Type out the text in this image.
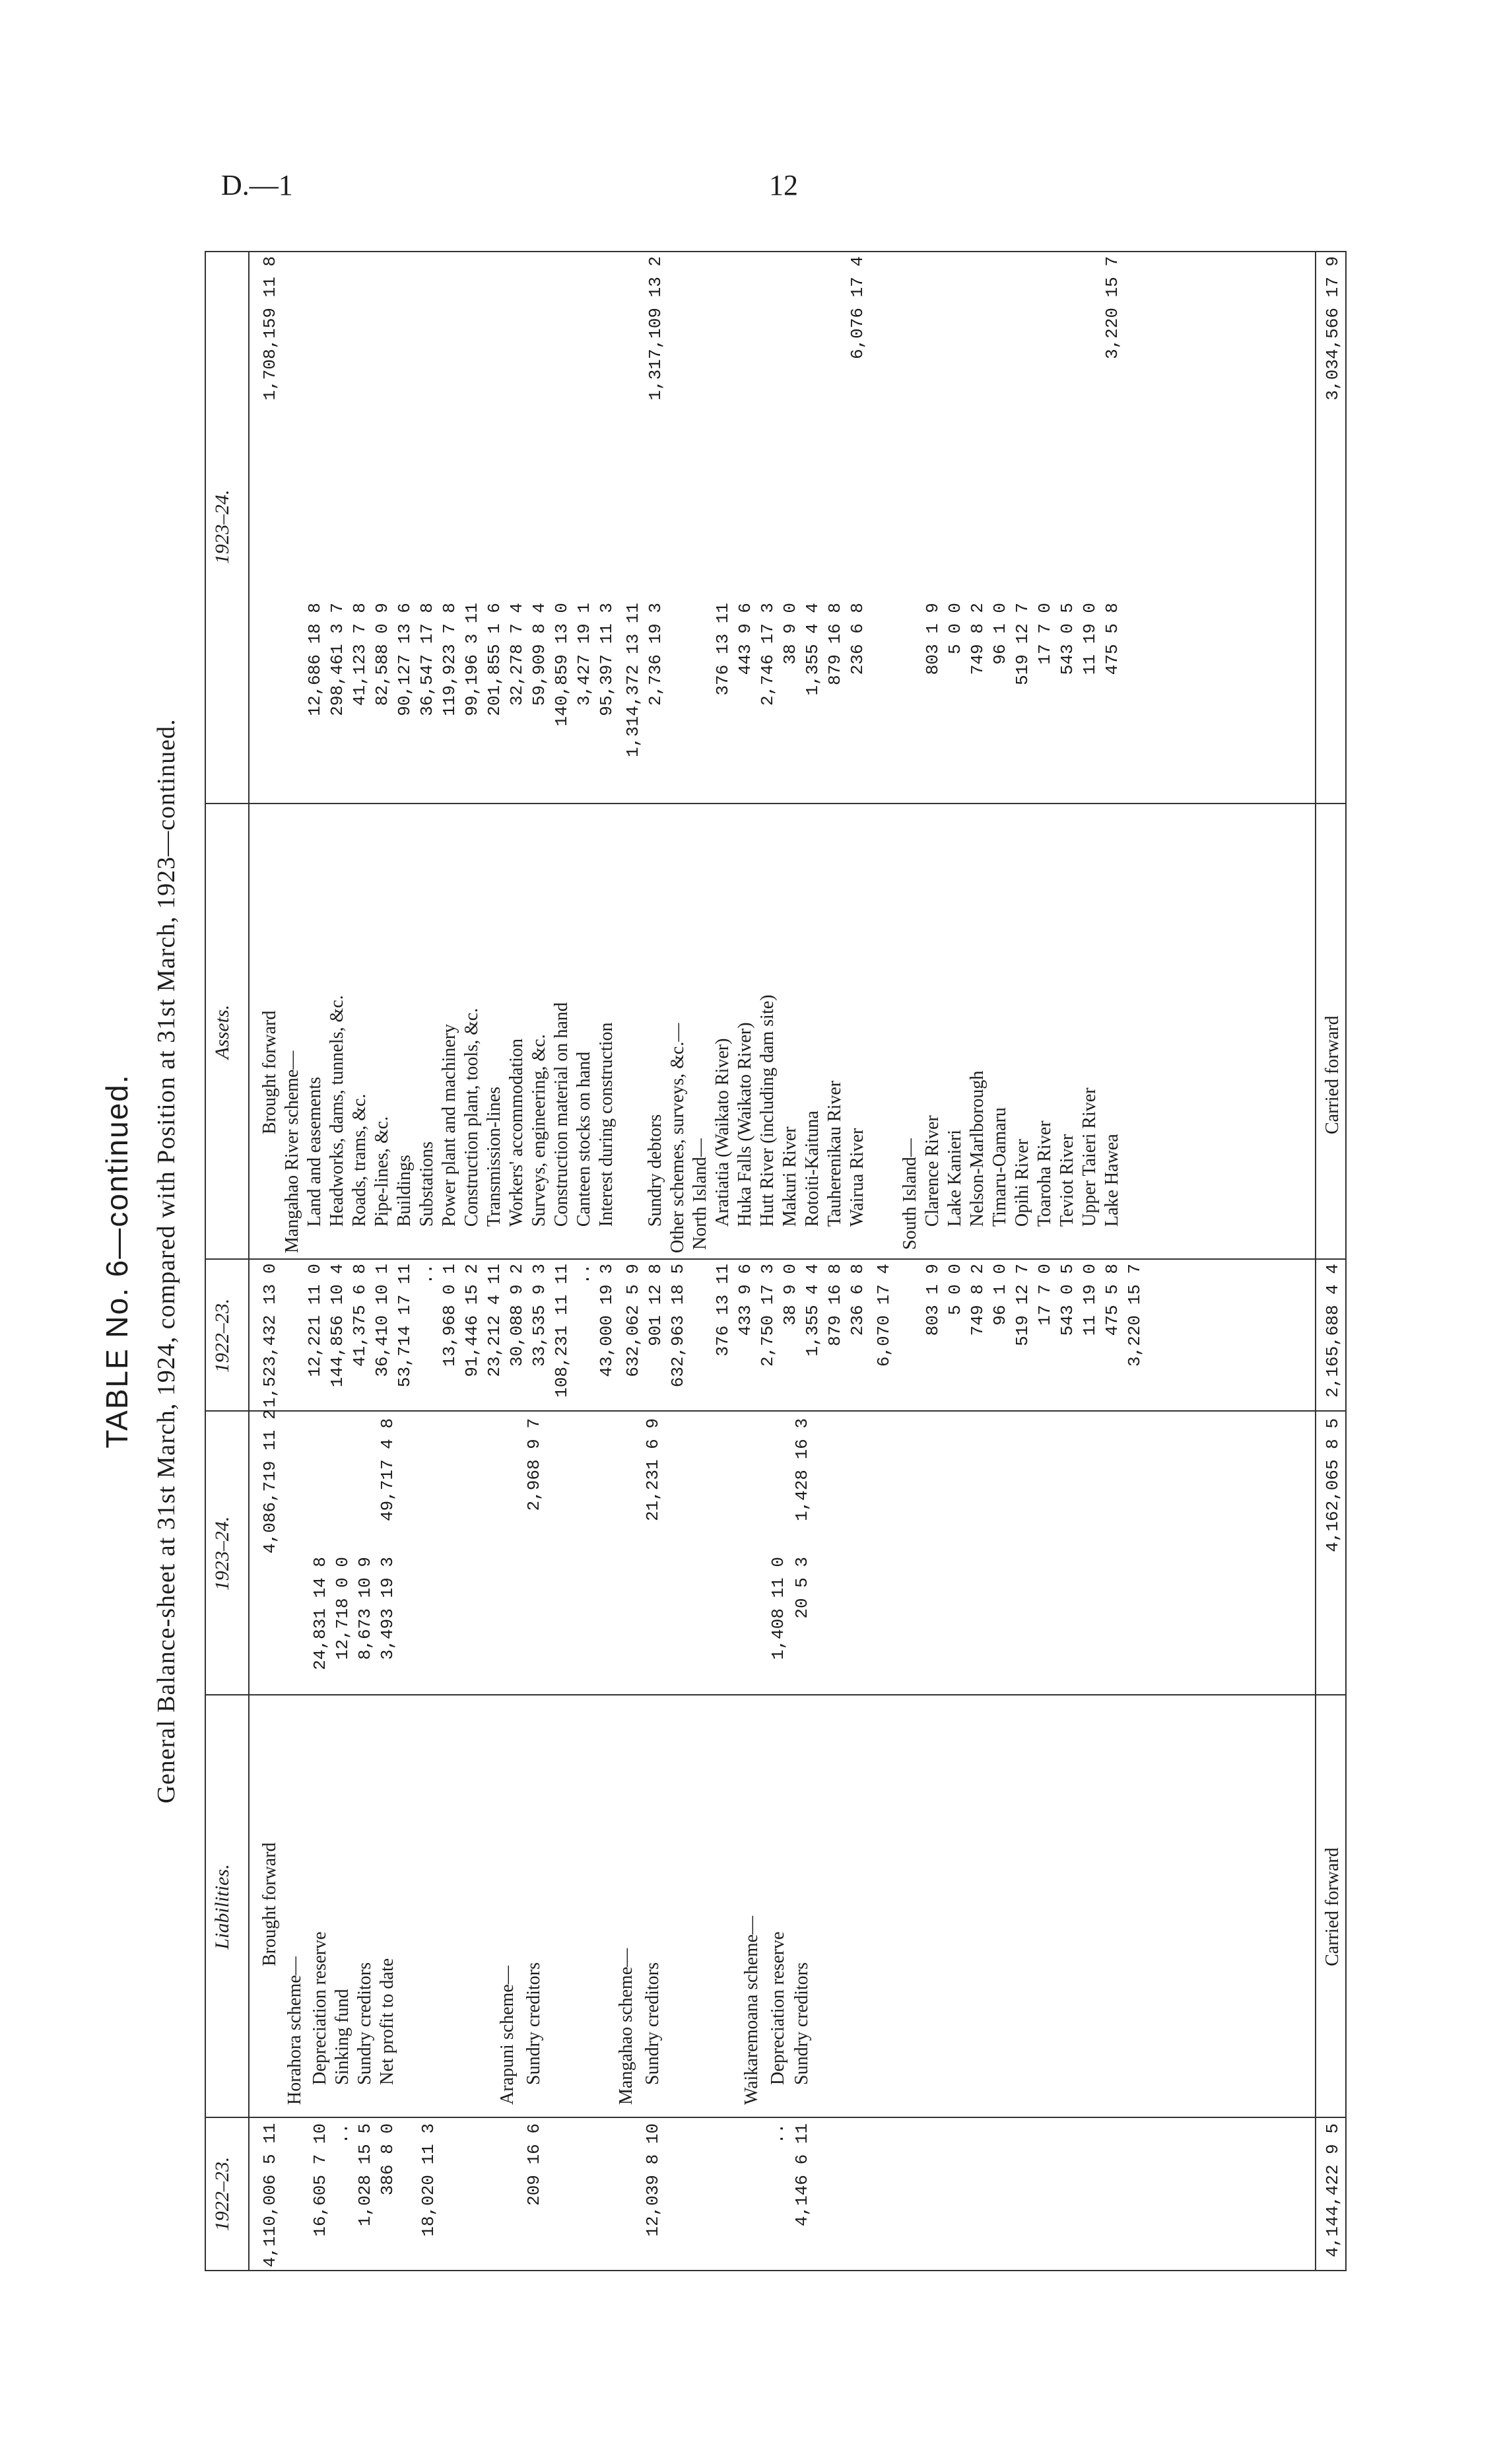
D.—1	12
TABLE No. 6—continued. General Balance-sheet at 31st March, 1924, compared with Position at 31st March, 1923—continued.
1922–23.
Liabilities.
1923–24.
1922–23.
Assets.
1923–24.
4,110,006 5 11
Brought forward
4,086,719 11 2
Horahora scheme—
16,605 7 10
Depreciation reserve
24,831 14 8
..
Sinking fund
12,718 0 0
1,028 15 5
Sundry creditors
8,673 10 9
386 8 0
Net profit to date
3,493 19 3
49,717 4 8
18,020 11 3
Arapuni scheme—
209 16 6
Sundry creditors
2,968 9 7
Mangahao scheme—
12,039 8 10
Sundry creditors
21,231 6 9
Waikaremoana scheme—
..
Depreciation reserve
1,408 11 0
4,146 6 11
Sundry creditors
20 5 3
1,428 16 3
4,144,422 9 5
Carried forward
4,162,065 8 5
1,523,432 13 0
Brought forward
1,708,159 11 8
Mangahao River scheme—
12,221 11 0
Land and easements
12,686 18 8
144,856 10 4
Headworks, dams, tunnels, &c.
298,461 3 7
41,375 6 8
Roads, trams, &c.
41,123 7 8
36,410 10 1
Pipe-lines, &c.
82,588 0 9
53,714 17 11
Buildings
90,127 13 6
..
Substations
36,547 17 8
13,968 0 1
Power plant and machinery
119,923 7 8
91,446 15 2
Construction plant, tools, &c.
99,196 3 11
23,212 4 11
Transmission-lines
201,855 1 6
30,088 9 2
Workers' accommodation
32,278 7 4
33,535 9 3
Surveys, engineering, &c.
59,909 8 4
108,231 11 11
Construction material on hand
140,859 13 0
..
Canteen stocks on hand
3,427 19 1
43,000 19 3
Interest during construction
95,397 11 3
632,062 5 9
1,314,372 13 11
901 12 8
Sundry debtors
2,736 19 3
1,317,109 13 2
632,963 18 5
Other schemes, surveys, &c.— North Island—
376 13 11
Aratiatia (Waikato River)
376 13 11
433 9 6
Huka Falls (Waikato River)
443 9 6
2,750 17 3
Hutt River (including dam site)
2,746 17 3
38 9 0
Makuri River
38 9 0
1,355 4 4
Rotoiti-Kaituna
1,355 4 4
879 16 8
Tauherenikau River
879 16 8
236 6 8
Wairua River
236 6 8
6,076 17 4
6,070 17 4
South Island—
803 1 9
Clarence River
803 1 9
5 0 0
Lake Kanieri
5 0 0
749 8 2
Nelson-Marlborough
749 8 2
96 1 0
Timaru-Oamaru
96 1 0
519 12 7
Opihi River
519 12 7
17 7 0
Toaroha River
17 7 0
543 0 5
Teviot River
543 0 5
11 19 0
Upper Taieri River
11 19 0
475 5 8
Lake Hawea
475 5 8
3,220 15 7
3,220 15 7	2,165,688 4 4
Carried forward
3,034,566 17 9
